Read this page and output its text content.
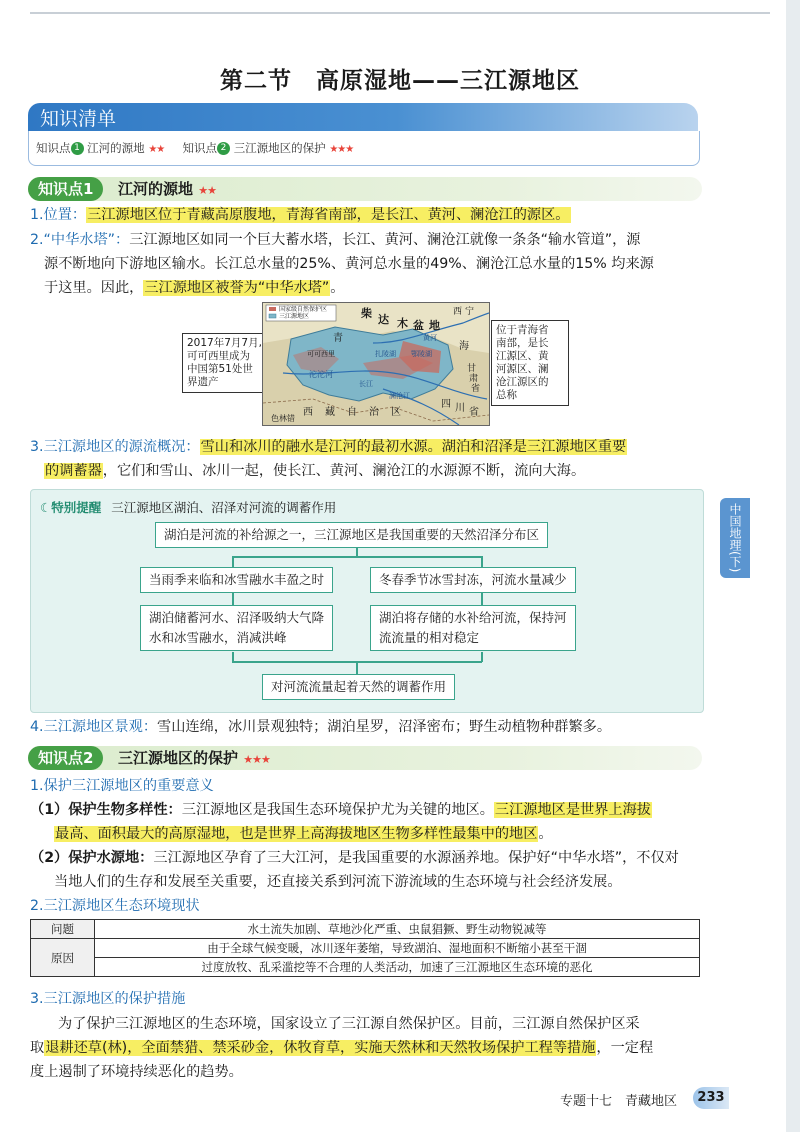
第二节　高原湿地——三江源地区
知识清单
知识点 1 江河的源地 ★★ 知识点 2 三江源地区的保护 ★★★
知识点1	江河的源地 ★★
1.位置：三江源地区位于青藏高原腹地，青海省南部，是长江、黄河、澜沧江的源区。
2.“中华水塔”：三江源地区如同一个巨大蓄水塔，长江、黄河、澜沧江就像一条条“输水管道”，源
源不断地向下游地区输水。长江总水量的25%、黄河总水量的49%、澜沧江总水量的15% 均来源
于这里。因此，三江源地区被誉为“中华水塔”。
2017年7月7月,
可可西里成为
中国第51处世
界遗产
国家级自然保护区
三江源地区	柴 达 木 盆 地
西 宁
青
海
可可西里	扎陵湖 鄂陵湖
沱沱河
长江
黄河
澜沧江
西 藏 自 治 区
四 川 省
甘
肃
省
色林错
位于青海省
南部，是长
江源区、黄
河源区、澜
沧江源区的
总称
3.三江源地区的源流概况：雪山和冰川的融水是江河的最初水源。湖泊和沼泽是三江源地区重要
的调蓄器，它们和雪山、冰川一起，使长江、黄河、澜沧江的水源源不断，流向大海。
☾特别提醒 三江源地区湖泊、沼泽对河流的调蓄作用
湖泊是河流的补给源之一，三江源地区是我国重要的天然沼泽分布区
当雨季来临和冰雪融水丰盈之时	冬春季节冰雪封冻，河流水量减少
湖泊储蓄河水、沼泽吸纳大气降
水和冰雪融水，消减洪峰
湖泊将存储的水补给河流，保持河
流流量的相对稳定
对河流流量起着天然的调蓄作用
4.三江源地区景观：雪山连绵，冰川景观独特；湖泊星罗，沼泽密布；野生动植物种群繁多。
知识点2	三江源地区的保护 ★★★
1.保护三江源地区的重要意义
（1）保护生物多样性：三江源地区是我国生态环境保护尤为关键的地区。三江源地区是世界上海拔
最高、面积最大的高原湿地，也是世界上高海拔地区生物多样性最集中的地区。
（2）保护水源地：三江源地区孕育了三大江河，是我国重要的水源涵养地。保护好“中华水塔”，不仅对
当地人们的生存和发展至关重要，还直接关系到河流下游流域的生态环境与社会经济发展。
2.三江源地区生态环境现状
问题	水土流失加剧、草地沙化严重、虫鼠猖獗、野生动物锐减等
原因	由于全球气候变暖，冰川逐年萎缩，导致湖泊、湿地面积不断缩小甚至干涸
	过度放牧、乱采滥挖等不合理的人类活动，加速了三江源地区生态环境的恶化
3.三江源地区的保护措施
为了保护三江源地区的生态环境，国家设立了三江源自然保护区。目前，三江源自然保护区采
取退耕还草(林)，全面禁猎、禁采砂金，休牧育草，实施天然林和天然牧场保护工程等措施，一定程
度上遏制了环境持续恶化的趋势。
中国地理(下)
专题十七　青藏地区	233
